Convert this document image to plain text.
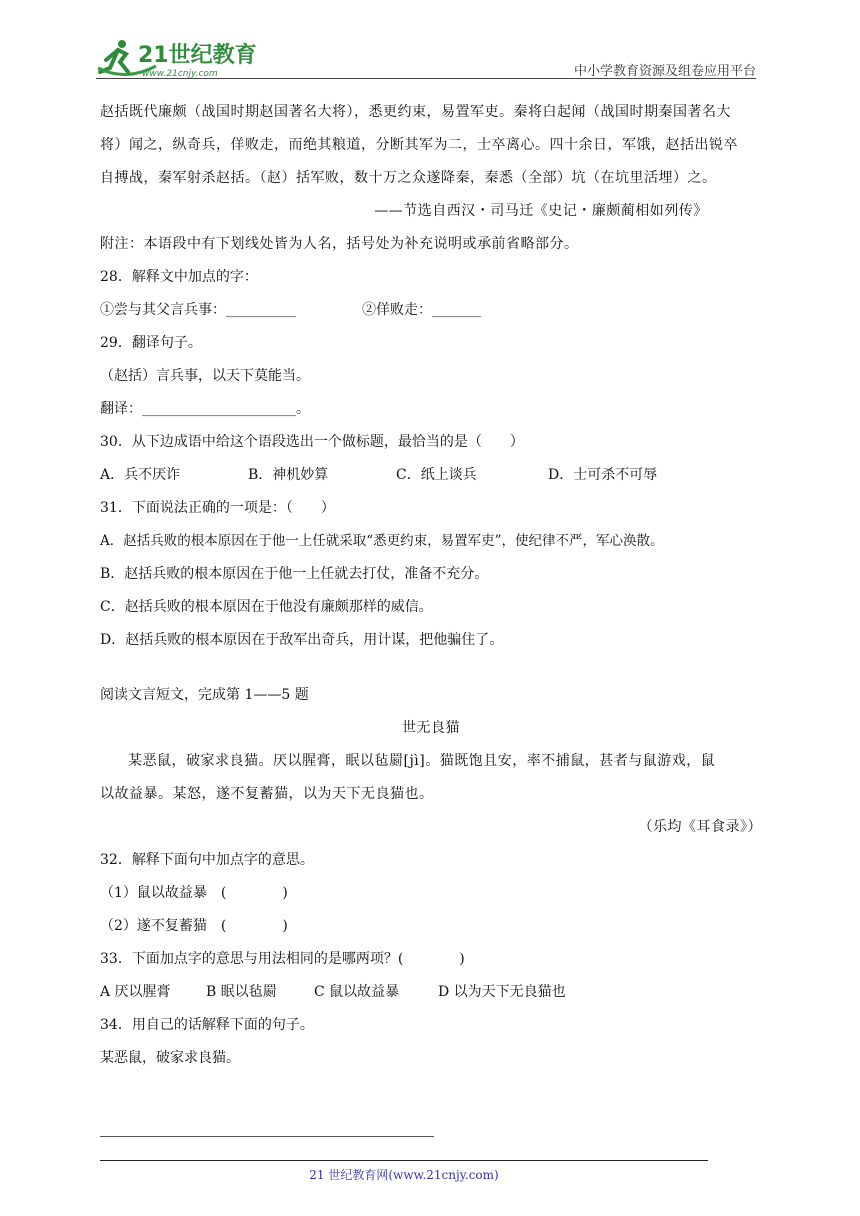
21世纪教育
www.21cnjy.com	中小学教育资源及组卷应用平台

赵括既代廉颇（战国时期赵国著名大将），悉更约束，易置军吏。秦将白起闻（战国时期秦国著名大

将）闻之，纵奇兵，佯败走，而绝其粮道，分断其军为二，士卒离心。四十余日，军饿，赵括出锐卒

自搏战，秦军射杀赵括。（赵）括军败，数十万之众遂降秦，秦悉（全部）坑（在坑里活埋）之。

——节选自西汉・司马迁《史记・廉颇蔺相如列传》

附注：本语段中有下划线处皆为人名，括号处为补充说明或承前省略部分。

28．解释文中加点的字：

①尝与其父言兵事：__________	②佯败走：_______

29．翻译句子。

（赵括）言兵事，以天下莫能当。

翻译：______________________。

30．从下边成语中给这个语段选出一个做标题，最恰当的是（　　）

A．兵不厌诈	B．神机妙算	C．纸上谈兵	D．士可杀不可辱

31．下面说法正确的一项是：（　　）

A．赵括兵败的根本原因在于他一上任就采取“悉更约束，易置军吏”，使纪律不严，军心涣散。

B．赵括兵败的根本原因在于他一上任就去打仗，准备不充分。

C．赵括兵败的根本原因在于他没有廉颇那样的威信。

D．赵括兵败的根本原因在于敌军出奇兵，用计谋，把他骗住了。

阅读文言短文，完成第 1——5 题

世无良猫

某恶鼠，破家求良猫。厌以腥膏，眠以毡罽[jì]。猫既饱且安，率不捕鼠，甚者与鼠游戏，鼠

以故益暴。某怒，遂不复蓄猫，以为天下无良猫也。

（乐均《耳食录》）

32．解释下面句中加点字的意思。

（1）鼠以故益暴　(　　　　)

（2）遂不复蓄猫　(　　　　)

33．下面加点字的意思与用法相同的是哪两项？(　　　　)

A 厌以腥膏	B 眠以毡罽	C 鼠以故益暴	D 以为天下无良猫也

34．用自己的话解释下面的句子。

某恶鼠，破家求良猫。

21 世纪教育网(www.21cnjy.com)
